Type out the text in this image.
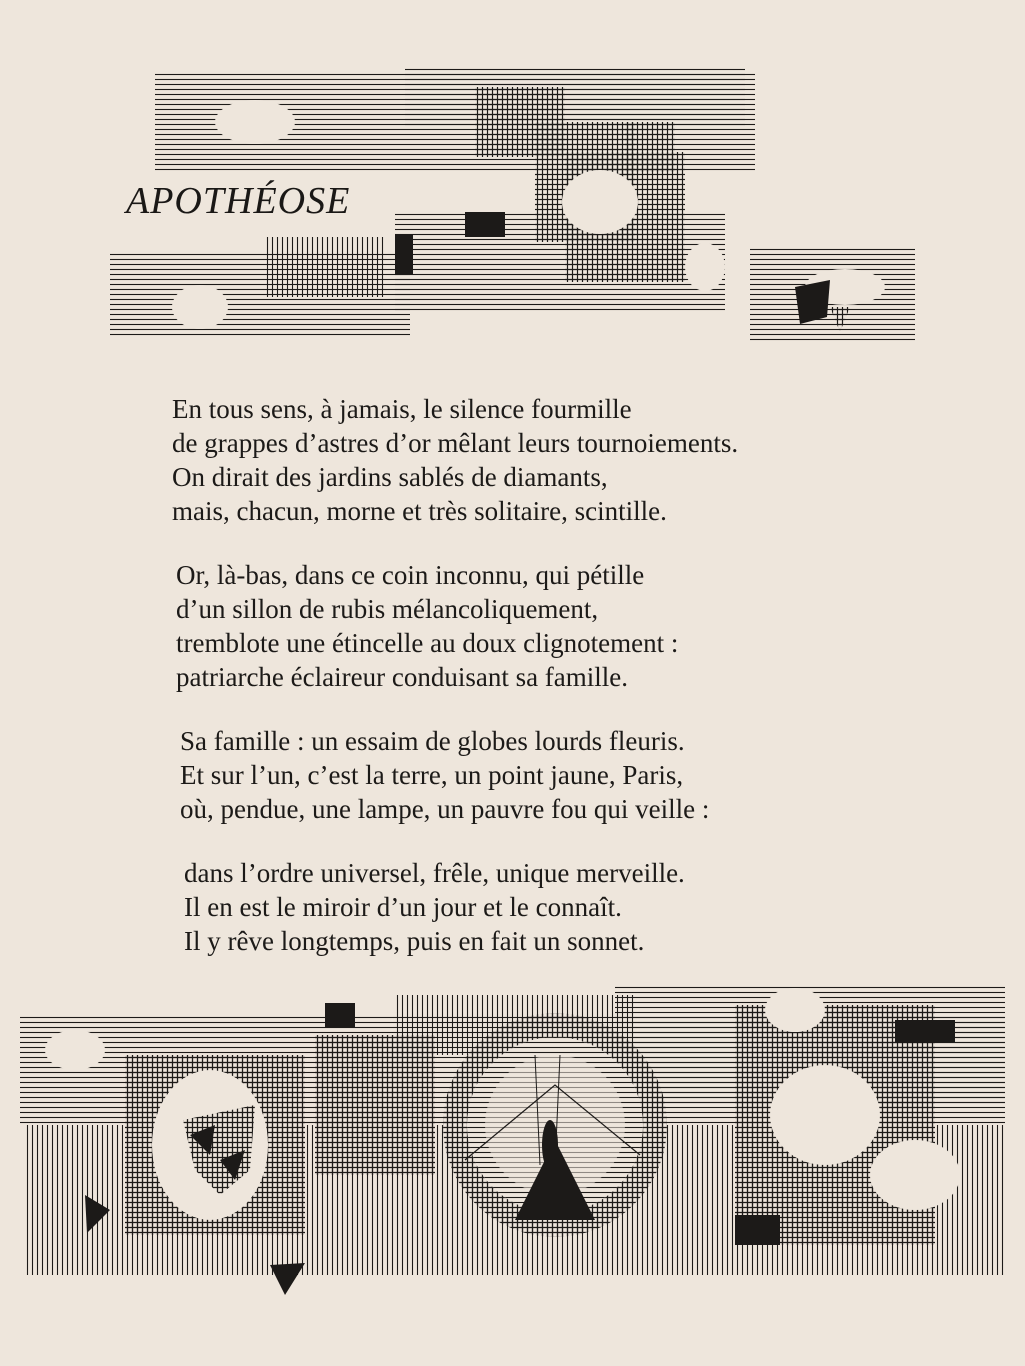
APOTHÉOSE
En tous sens, à jamais, le silence fourmille
de grappes d’astres d’or mêlant leurs tournoiements.
On dirait des jardins sablés de diamants,
mais, chacun, morne et très solitaire, scintille.
Or, là-bas, dans ce coin inconnu, qui pétille
d’un sillon de rubis mélancoliquement,
tremblote une étincelle au doux clignotement :
patriarche éclaireur conduisant sa famille.
Sa famille : un essaim de globes lourds fleuris.
Et sur l’un, c’est la terre, un point jaune, Paris,
où, pendue, une lampe, un pauvre fou qui veille :
dans l’ordre universel, frêle, unique merveille.
Il en est le miroir d’un jour et le connaît.
Il y rêve longtemps, puis en fait un sonnet.
